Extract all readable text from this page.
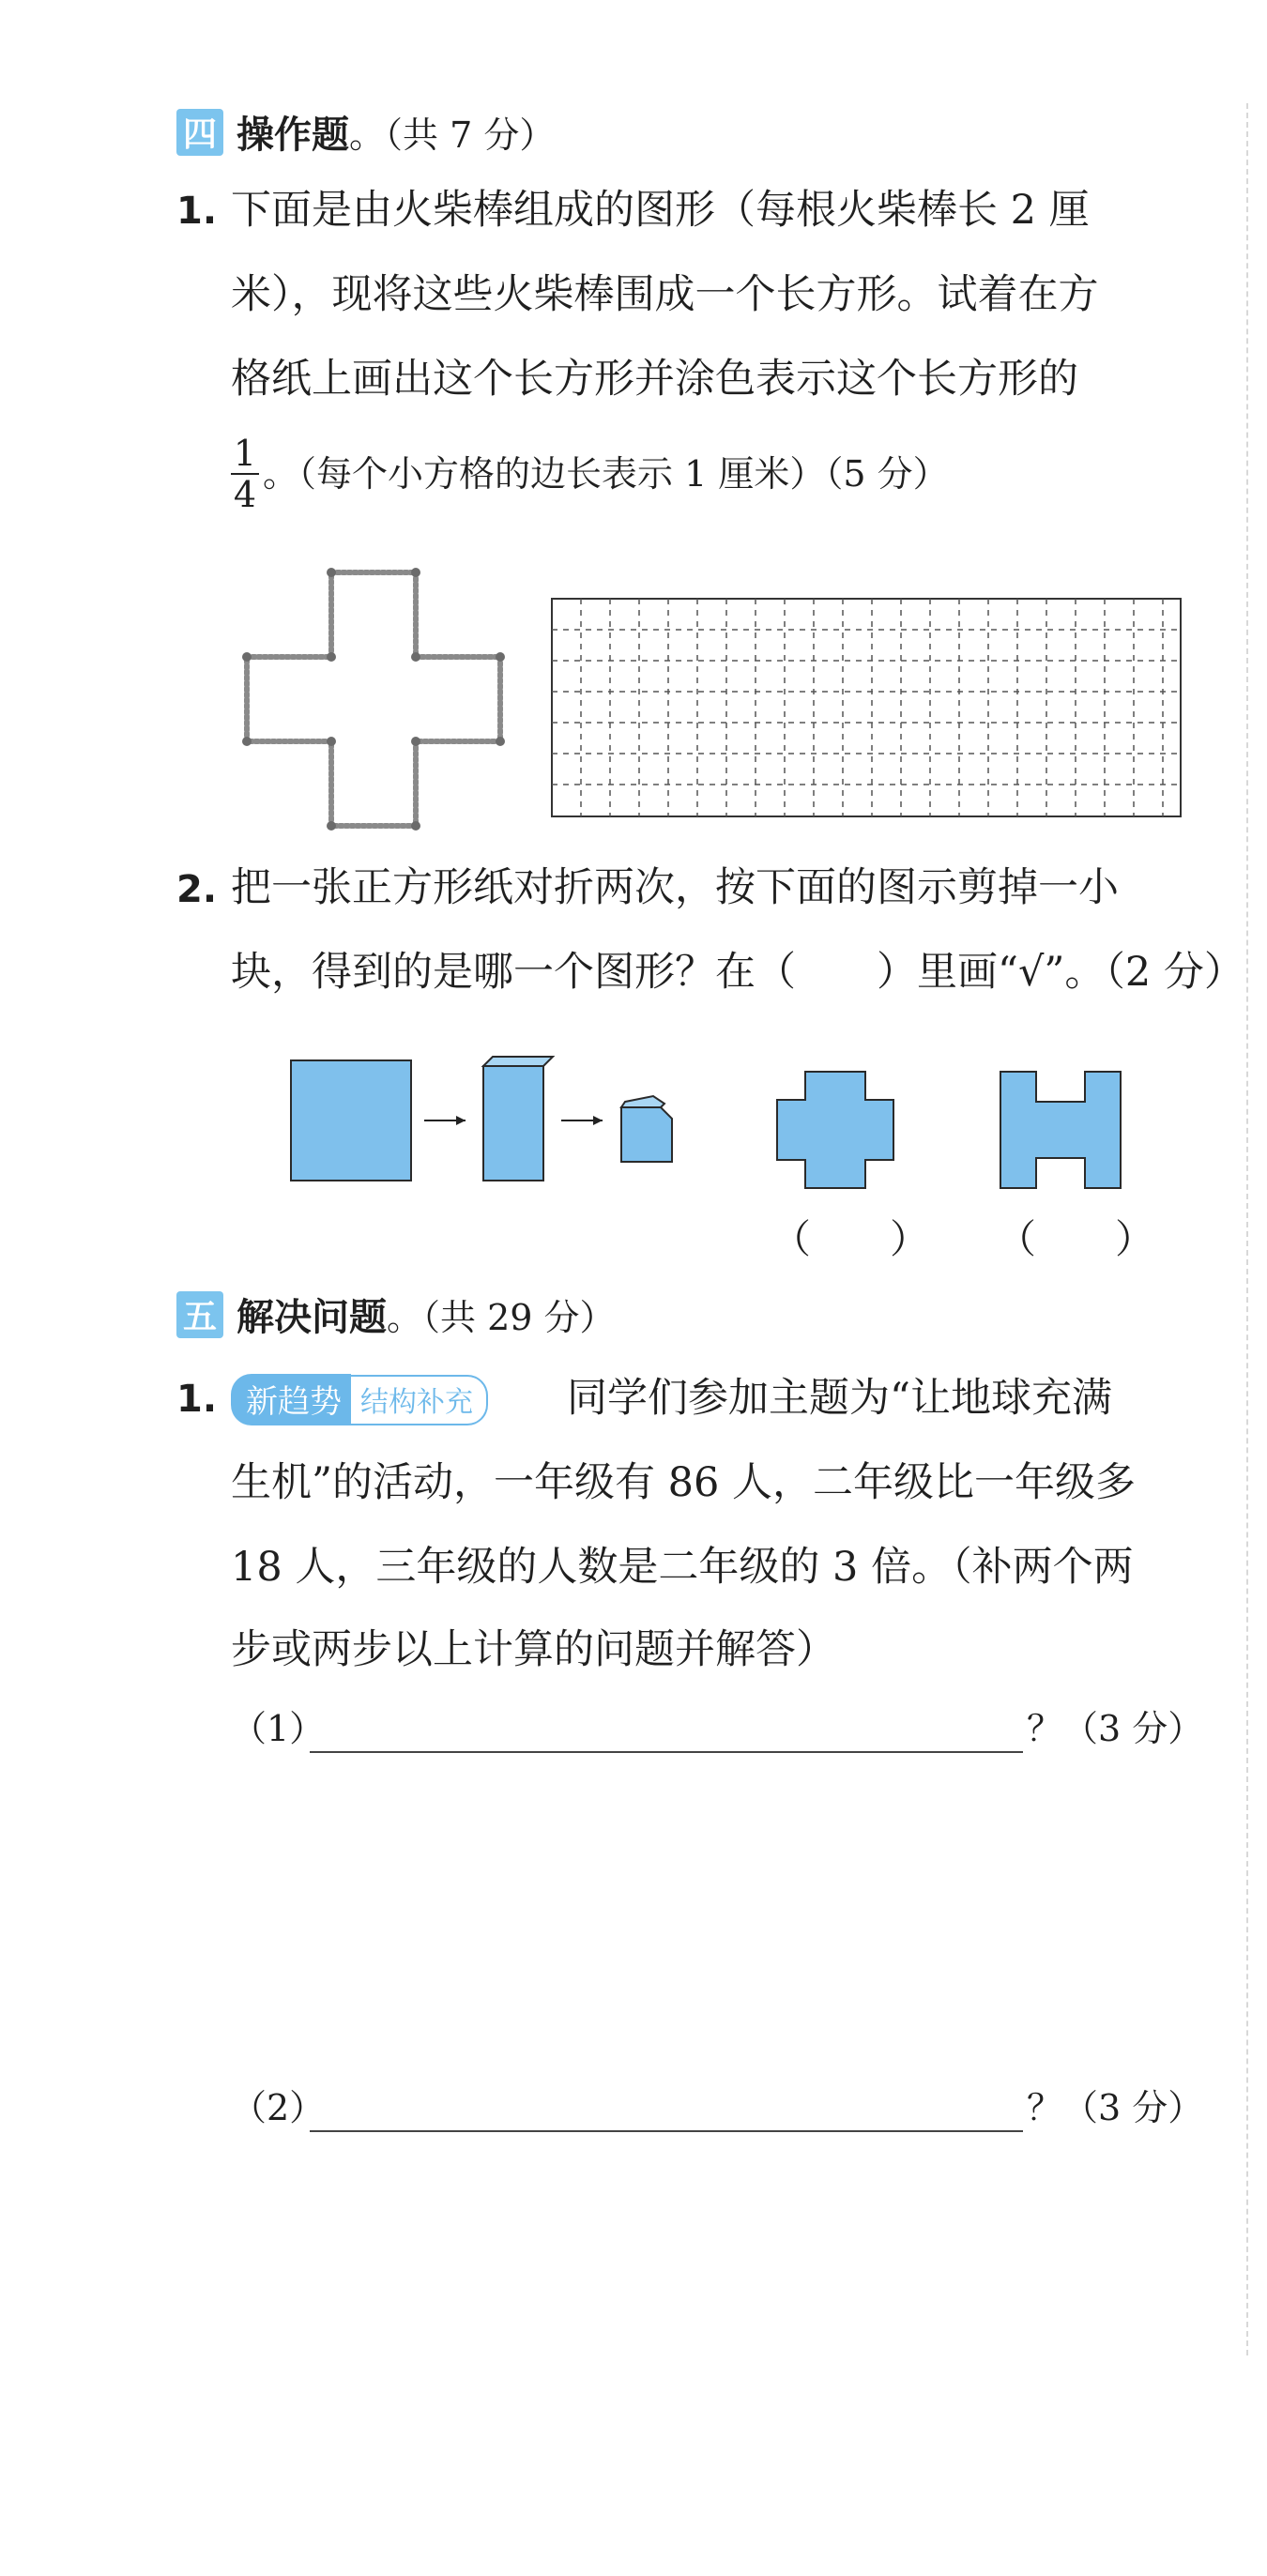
四 操作题 。（共 7 分）
1. 下面是由火柴棒组成的图形（每根火柴棒长 2 厘
米），现将这些火柴棒围成一个长方形。试着在方
格纸上画出这个长方形并涂色表示这个长方形的
$\frac{1}{4}$ 。（每个小方格的边长表示 1 厘米）（5 分）
2. 把一张正方形纸对折两次，按下面的图示剪掉一小
块，得到的是哪一个图形？在（　　）里画“√”。（2 分）
（　　） （　　）
五 解决问题 。（共 29 分）
1. 新趋势 结构补充	同学们参加主题为“让地球充满
生机”的活动，一年级有 86 人，二年级比一年级多
18 人，三年级的人数是二年级的 3 倍。（补两个两
步或两步以上计算的问题并解答）
（1）	？（3 分）
（2）	？（3 分）
